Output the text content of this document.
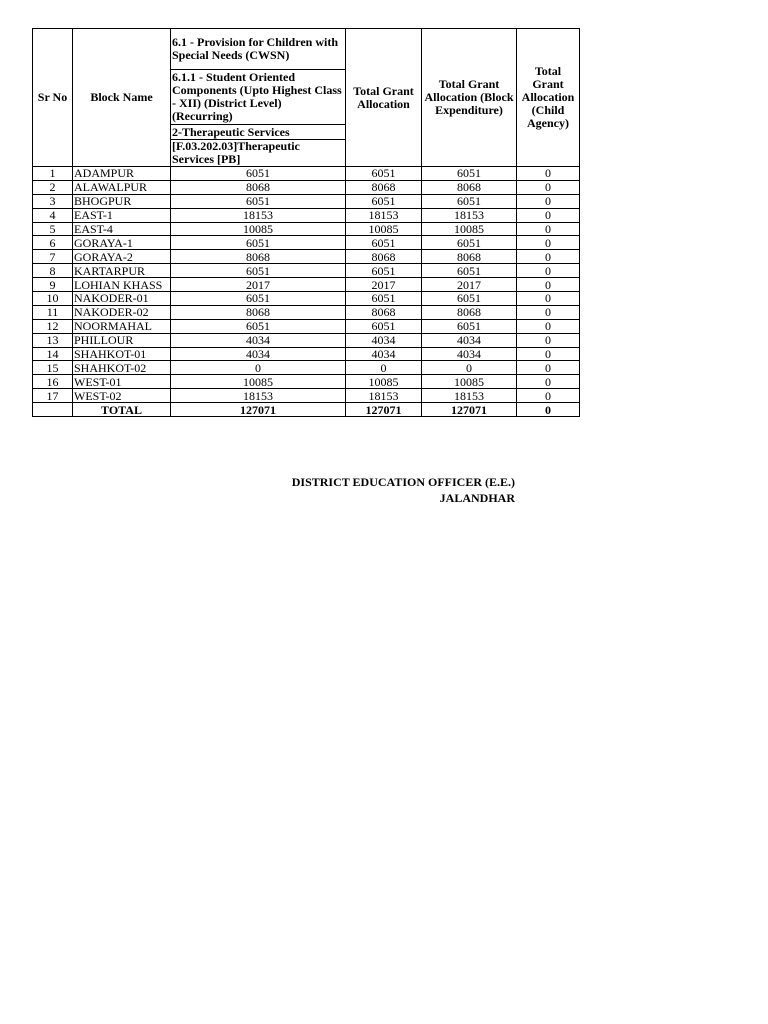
Sr No	Block Name	6.1 - Provision for Children with Special Needs (CWSN)	Total Grant Allocation	Total Grant Allocation (Block Expenditure)	Total Grant Allocation (Child Agency)
		6.1.1 - Student Oriented Components (Upto Highest Class - XII) (District Level) (Recurring)			
		2-Therapeutic Services			
		[F.03.202.03]Therapeutic Services [PB]			
1	ADAMPUR	6051	6051	6051	0
2	ALAWALPUR	8068	8068	8068	0
3	BHOGPUR	6051	6051	6051	0
4	EAST-1	18153	18153	18153	0
5	EAST-4	10085	10085	10085	0
6	GORAYA-1	6051	6051	6051	0
7	GORAYA-2	8068	8068	8068	0
8	KARTARPUR	6051	6051	6051	0
9	LOHIAN KHASS	2017	2017	2017	0
10	NAKODER-01	6051	6051	6051	0
11	NAKODER-02	8068	8068	8068	0
12	NOORMAHAL	6051	6051	6051	0
13	PHILLOUR	4034	4034	4034	0
14	SHAHKOT-01	4034	4034	4034	0
15	SHAHKOT-02	0	0	0	0
16	WEST-01	10085	10085	10085	0
17	WEST-02	18153	18153	18153	0
	TOTAL	127071	127071	127071	0
DISTRICT EDUCATION OFFICER (E.E.)
JALANDHAR
